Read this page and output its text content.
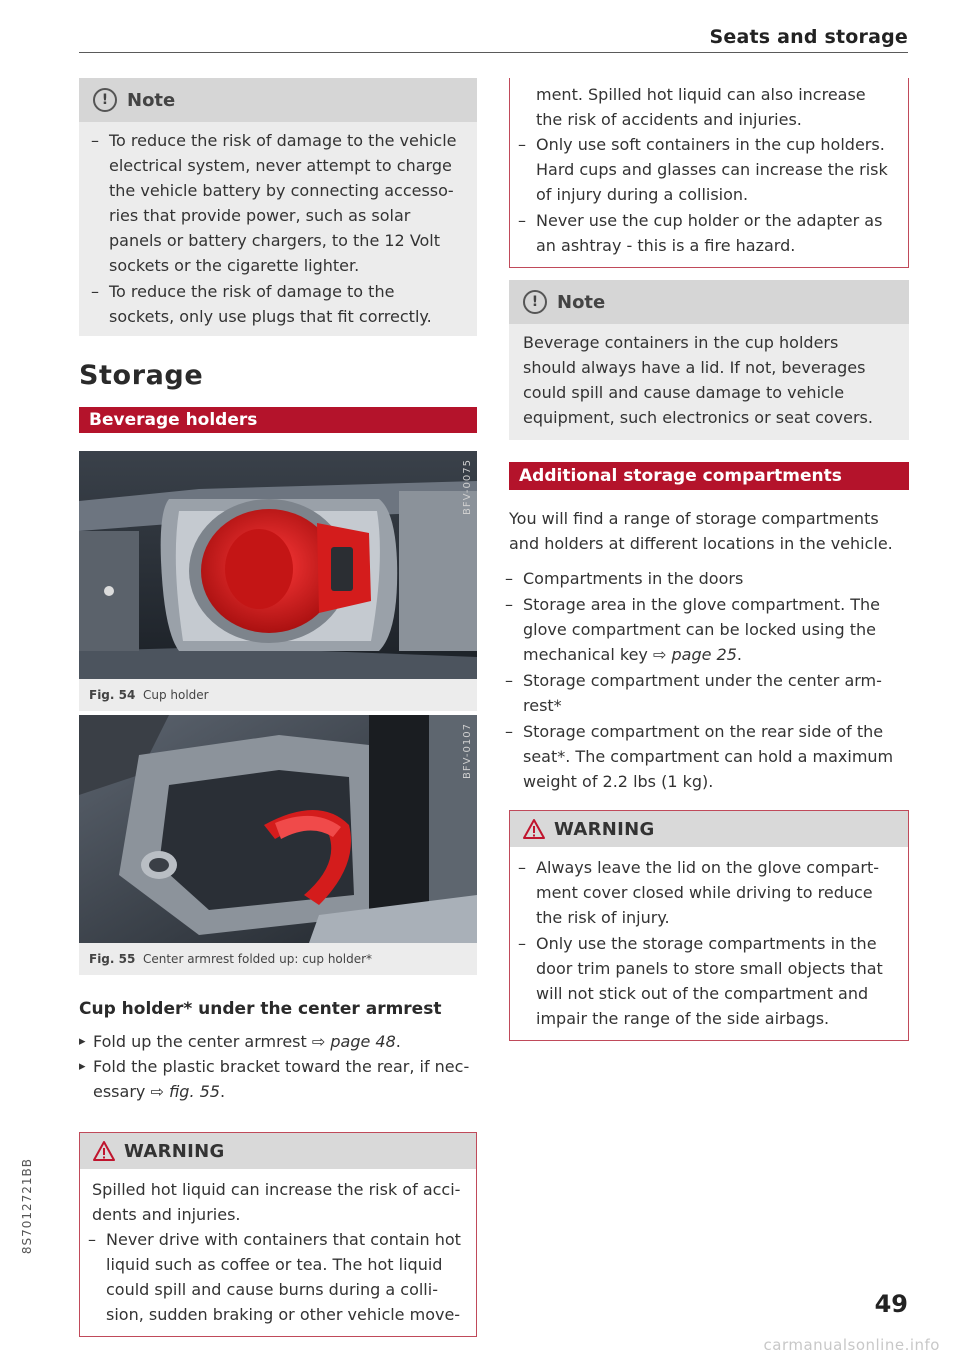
Seats and storage
!	Note
– To reduce the risk of damage to the vehicle electrical system, never attempt to charge the vehicle battery by connecting accessories that provide power, such as solar panels or battery chargers, to the 12 Volt sockets or the cigarette lighter.
– To reduce the risk of damage to the sockets, only use plugs that fit correctly.
Storage
Beverage holders
BFV-0075
Fig. 54 Cup holder
BFV-0107
Fig. 55 Center armrest folded up: cup holder*
Cup holder* under the center armrest
▸ Fold up the center armrest ⇨ page 48.
▸ Fold the plastic bracket toward the rear, if necessary ⇨ fig. 55.
WARNING
Spilled hot liquid can increase the risk of accidents and injuries.
– Never drive with containers that contain hot liquid such as coffee or tea. The hot liquid could spill and cause burns during a collision, sudden braking or other vehicle move-
ment. Spilled hot liquid can also increase the risk of accidents and injuries.
– Only use soft containers in the cup holders. Hard cups and glasses can increase the risk of injury during a collision.
– Never use the cup holder or the adapter as an ashtray - this is a fire hazard.
!	Note
Beverage containers in the cup holders should always have a lid. If not, beverages could spill and cause damage to vehicle equipment, such electronics or seat covers.
Additional storage compartments

You will find a range of storage compartments and holders at different locations in the vehicle.

– Compartments in the doors
– Storage area in the glove compartment. The glove compartment can be locked using the mechanical key ⇨ page 25.
– Storage compartment under the center armrest*
– Storage compartment on the rear side of the seat*. The compartment can hold a maximum weight of 2.2 lbs (1 kg).
WARNING
– Always leave the lid on the glove compartment cover closed while driving to reduce the risk of injury.
– Only use the storage compartments in the door trim panels to store small objects that will not stick out of the compartment and impair the range of the side airbags.
8S7012721BB
49
carmanualsonline.info
